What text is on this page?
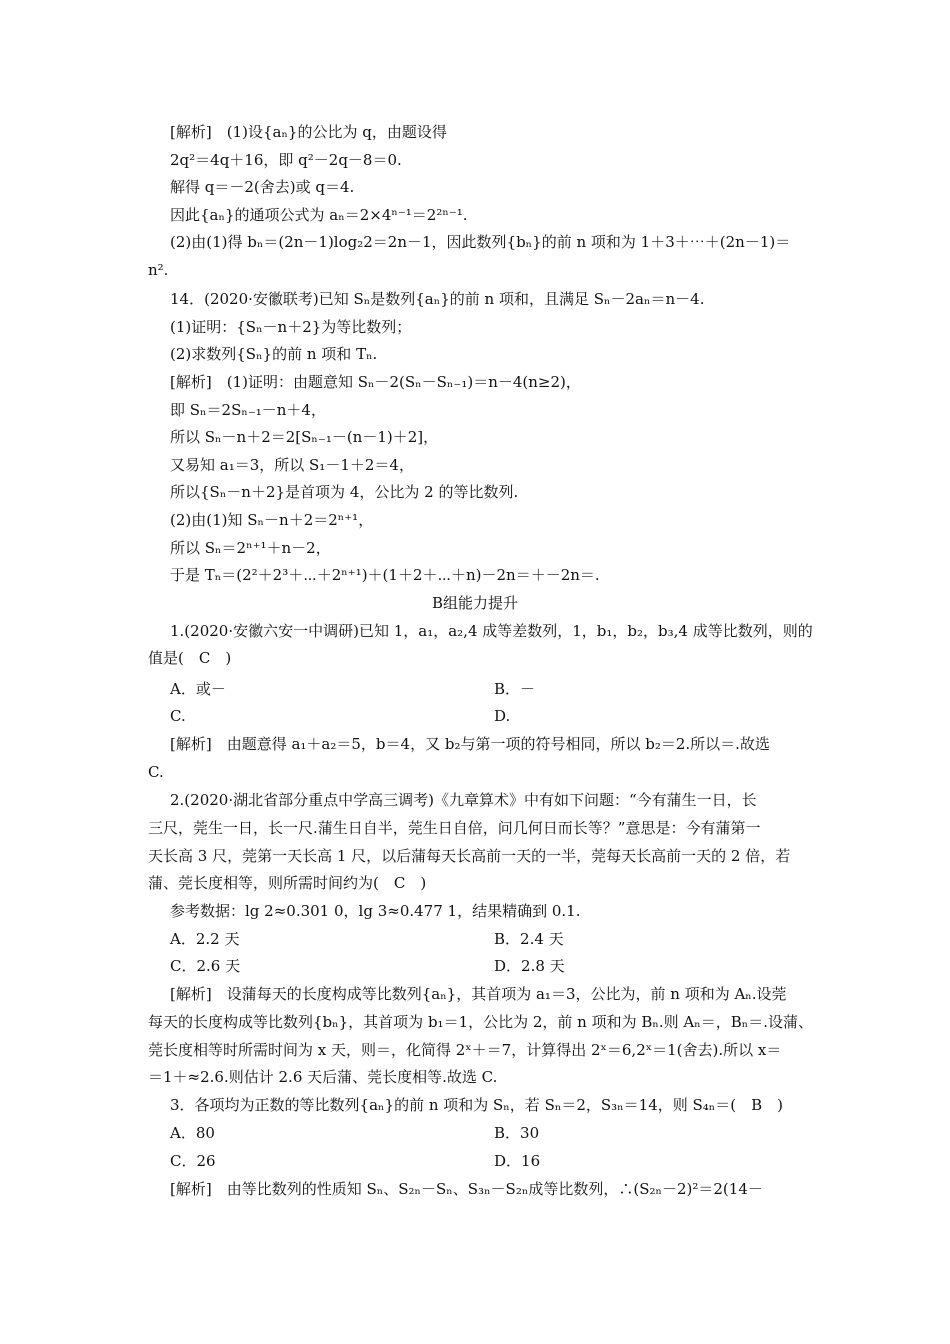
[解析]　(1)设{aₙ}的公比为 q，由题设得
2q²＝4q＋16，即 q²－2q－8＝0.
解得 q＝－2(舍去)或 q＝4.
因此{aₙ}的通项公式为 aₙ＝2×4ⁿ⁻¹＝2²ⁿ⁻¹.
(2)由(1)得 bₙ＝(2n－1)log₂2＝2n－1，因此数列{bₙ}的前 n 项和为 1＋3＋⋯＋(2n－1)＝
n².
14．(2020·安徽联考)已知 Sₙ是数列{aₙ}的前 n 项和，且满足 Sₙ－2aₙ＝n－4.
(1)证明：{Sₙ－n＋2}为等比数列；
(2)求数列{Sₙ}的前 n 项和 Tₙ.
[解析]　(1)证明：由题意知 Sₙ－2(Sₙ－Sₙ₋₁)＝n－4(n≥2)，
即 Sₙ＝2Sₙ₋₁－n＋4，
所以 Sₙ－n＋2＝2[Sₙ₋₁－(n－1)＋2]，
又易知 a₁＝3，所以 S₁－1＋2＝4，
所以{Sₙ－n＋2}是首项为 4，公比为 2 的等比数列.
(2)由(1)知 Sₙ－n＋2＝2ⁿ⁺¹，
所以 Sₙ＝2ⁿ⁺¹＋n－2，
于是 Tₙ＝(2²＋2³＋⋯＋2ⁿ⁺¹)＋(1＋2＋⋯＋n)－2n＝＋－2n＝.
B组能力提升
1.(2020·安徽六安一中调研)已知 1，a₁，a₂,4 成等差数列，1，b₁，b₂，b₃,4 成等比数列，则的
值是(　C　)
A．或－	B．－
C.	D.
[解析]　由题意得 a₁＋a₂＝5，b＝4，又 b₂与第一项的符号相同，所以 b₂＝2.所以＝.故选
C.
2.(2020·湖北省部分重点中学高三调考)《九章算术》中有如下问题：“今有蒲生一日，长
三尺，莞生一日，长一尺.蒲生日自半，莞生日自倍，问几何日而长等？”意思是：今有蒲第一
天长高 3 尺，莞第一天长高 1 尺，以后蒲每天长高前一天的一半，莞每天长高前一天的 2 倍，若
蒲、莞长度相等，则所需时间约为(　C　)
参考数据：lg 2≈0.301 0，lg 3≈0.477 1，结果精确到 0.1.
A．2.2 天	B．2.4 天
C．2.6 天	D．2.8 天
[解析]　设蒲每天的长度构成等比数列{aₙ}，其首项为 a₁＝3，公比为，前 n 项和为 Aₙ.设莞
每天的长度构成等比数列{bₙ}，其首项为 b₁＝1，公比为 2，前 n 项和为 Bₙ.则 Aₙ＝，Bₙ＝.设蒲、
莞长度相等时所需时间为 x 天，则＝，化简得 2ˣ＋＝7，计算得出 2ˣ＝6,2ˣ＝1(舍去).所以 x＝
＝1＋≈2.6.则估计 2.6 天后蒲、莞长度相等.故选 C.
3．各项均为正数的等比数列{aₙ}的前 n 项和为 Sₙ，若 Sₙ＝2，S₃ₙ＝14，则 S₄ₙ＝(　B　)
A．80	B．30
C．26	D．16
[解析]　由等比数列的性质知 Sₙ、S₂ₙ－Sₙ、S₃ₙ－S₂ₙ成等比数列，∴(S₂ₙ－2)²＝2(14－
